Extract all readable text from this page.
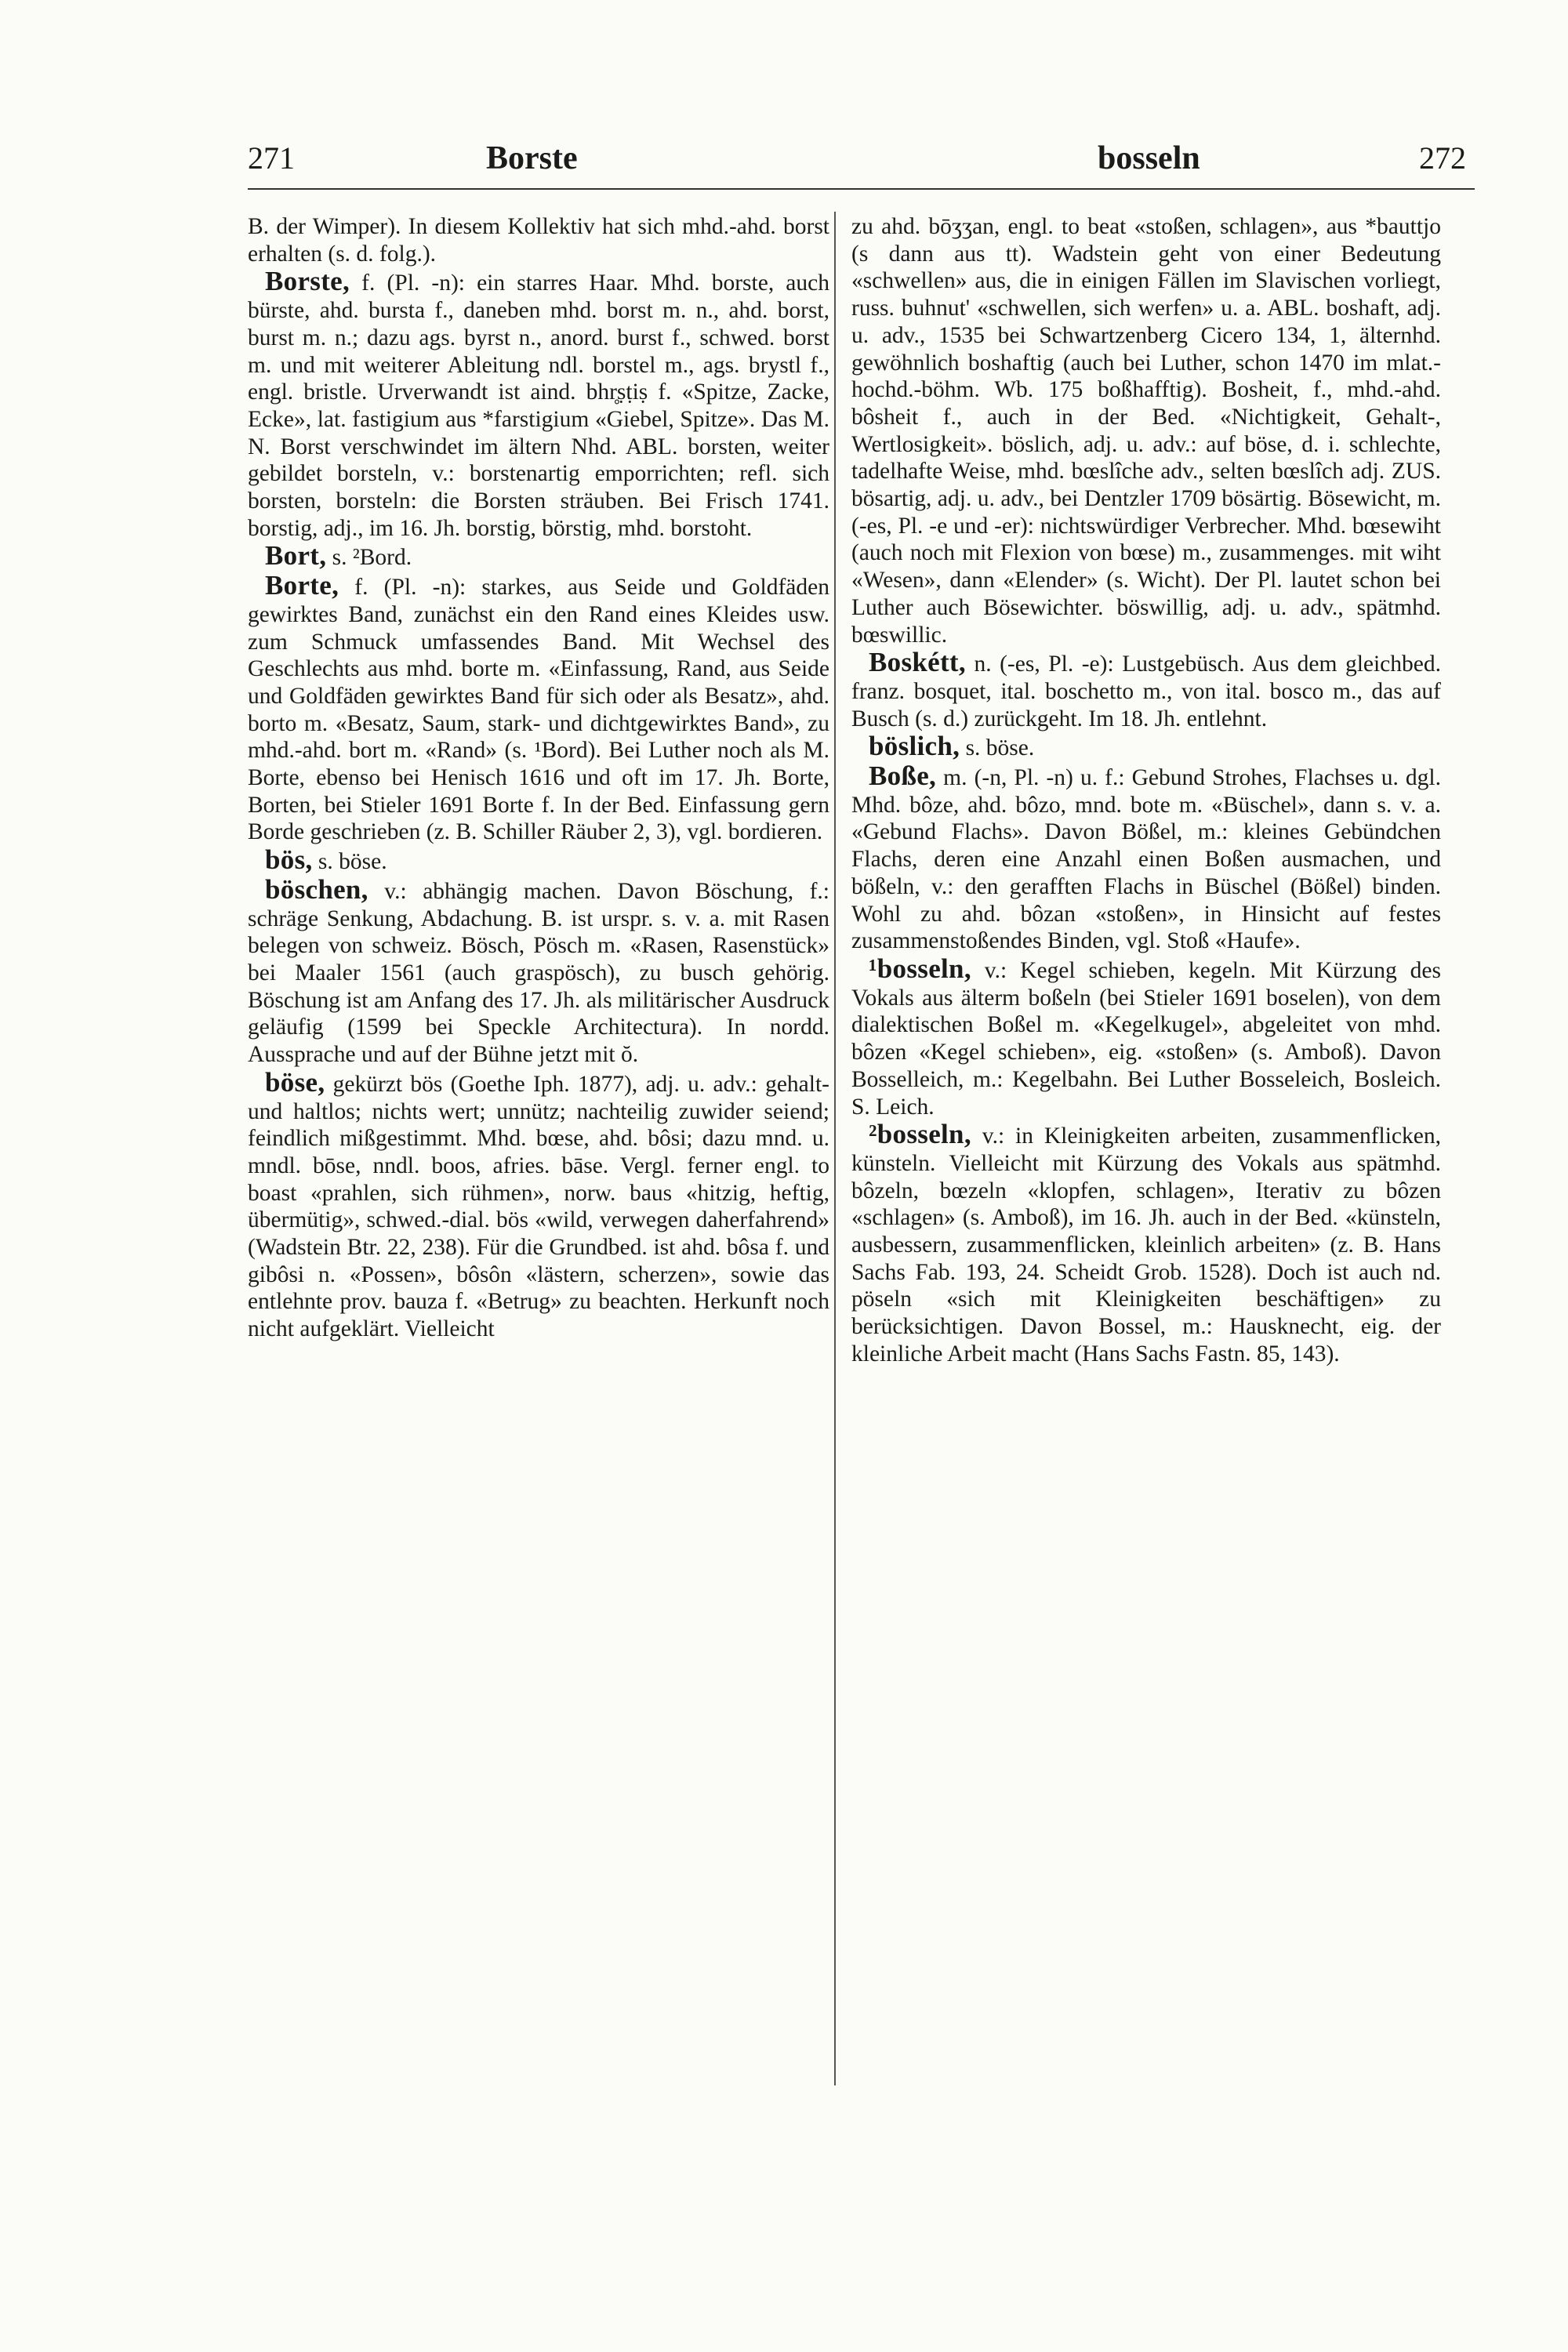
271	Borste	bosseln	272

B. der Wimper). In diesem Kollektiv hat sich mhd.-ahd. borst erhalten (s. d. folg.).

Borste, f. (Pl. -n): ein starres Haar. Mhd. borste, auch bürste, ahd. bursta f., daneben mhd. borst m. n., ahd. borst, burst m. n.; dazu ags. byrst n., anord. burst f., schwed. borst m. und mit weiterer Ableitung ndl. borstel m., ags. brystl f., engl. bristle. Urverwandt ist aind. bhr̥ṣṭiṣ f. «Spitze, Zacke, Ecke», lat. fastigium aus *farstigium «Giebel, Spitze». Das M. N. Borst verschwindet im ältern Nhd. ABL. borsten, weiter gebildet borsteln, v.: borstenartig emporrichten; refl. sich borsten, borsteln: die Borsten sträuben. Bei Frisch 1741. borstig, adj., im 16. Jh. borstig, börstig, mhd. borstoht.

Bort, s. ²Bord.

Borte, f. (Pl. -n): starkes, aus Seide und Goldfäden gewirktes Band, zunächst ein den Rand eines Kleides usw. zum Schmuck umfassendes Band. Mit Wechsel des Geschlechts aus mhd. borte m. «Einfassung, Rand, aus Seide und Goldfäden gewirktes Band für sich oder als Besatz», ahd. borto m. «Besatz, Saum, stark- und dichtgewirktes Band», zu mhd.-ahd. bort m. «Rand» (s. ¹Bord). Bei Luther noch als M. Borte, ebenso bei Henisch 1616 und oft im 17. Jh. Borte, Borten, bei Stieler 1691 Borte f. In der Bed. Einfassung gern Borde geschrieben (z. B. Schiller Räuber 2, 3), vgl. bordieren.

bös, s. böse.

böschen, v.: abhängig machen. Davon Böschung, f.: schräge Senkung, Abdachung. B. ist urspr. s. v. a. mit Rasen belegen von schweiz. Bösch, Pösch m. «Rasen, Rasenstück» bei Maaler 1561 (auch graspösch), zu busch gehörig. Böschung ist am Anfang des 17. Jh. als militärischer Ausdruck geläufig (1599 bei Speckle Architectura). In nordd. Aussprache und auf der Bühne jetzt mit ŏ.

böse, gekürzt bös (Goethe Iph. 1877), adj. u. adv.: gehalt- und haltlos; nichts wert; unnütz; nachteilig zuwider seiend; feindlich mißgestimmt. Mhd. bœse, ahd. bôsi; dazu mnd. u. mndl. bōse, nndl. boos, afries. bāse. Vergl. ferner engl. to boast «prahlen, sich rühmen», norw. baus «hitzig, heftig, übermütig», schwed.-dial. bös «wild, verwegen daherfahrend» (Wadstein Btr. 22, 238). Für die Grundbed. ist ahd. bôsa f. und gibôsi n. «Possen», bôsôn «lästern, scherzen», sowie das entlehnte prov. bauza f. «Betrug» zu beachten. Herkunft noch nicht aufgeklärt. Vielleicht

zu ahd. bōʒʒan, engl. to beat «stoßen, schlagen», aus *bauttjo (s dann aus tt). Wadstein geht von einer Bedeutung «schwellen» aus, die in einigen Fällen im Slavischen vorliegt, russ. buhnut' «schwellen, sich werfen» u. a. ABL. boshaft, adj. u. adv., 1535 bei Schwartzenberg Cicero 134, 1, älternhd. gewöhnlich boshaftig (auch bei Luther, schon 1470 im mlat.-hochd.-böhm. Wb. 175 boßhafftig). Bosheit, f., mhd.-ahd. bôsheit f., auch in der Bed. «Nichtigkeit, Gehalt-, Wertlosigkeit». böslich, adj. u. adv.: auf böse, d. i. schlechte, tadelhafte Weise, mhd. bœslîche adv., selten bœslîch adj. ZUS. bösartig, adj. u. adv., bei Dentzler 1709 bösärtig. Bösewicht, m. (-es, Pl. -e und -er): nichtswürdiger Verbrecher. Mhd. bœsewiht (auch noch mit Flexion von bœse) m., zusammenges. mit wiht «Wesen», dann «Elender» (s. Wicht). Der Pl. lautet schon bei Luther auch Bösewichter. böswillig, adj. u. adv., spätmhd. bœswillic.

Boskétt, n. (-es, Pl. -e): Lustgebüsch. Aus dem gleichbed. franz. bosquet, ital. boschetto m., von ital. bosco m., das auf Busch (s. d.) zurückgeht. Im 18. Jh. entlehnt.

böslich, s. böse.

Boße, m. (-n, Pl. -n) u. f.: Gebund Strohes, Flachses u. dgl. Mhd. bôze, ahd. bôzo, mnd. bote m. «Büschel», dann s. v. a. «Gebund Flachs». Davon Bößel, m.: kleines Gebündchen Flachs, deren eine Anzahl einen Boßen ausmachen, und bößeln, v.: den gerafften Flachs in Büschel (Bößel) binden. Wohl zu ahd. bôzan «stoßen», in Hinsicht auf festes zusammenstoßendes Binden, vgl. Stoß «Haufe».

¹bosseln, v.: Kegel schieben, kegeln. Mit Kürzung des Vokals aus älterm boßeln (bei Stieler 1691 boselen), von dem dialektischen Boßel m. «Kegelkugel», abgeleitet von mhd. bôzen «Kegel schieben», eig. «stoßen» (s. Amboß). Davon Bosselleich, m.: Kegelbahn. Bei Luther Bosseleich, Bosleich. S. Leich.

²bosseln, v.: in Kleinigkeiten arbeiten, zusammenflicken, künsteln. Vielleicht mit Kürzung des Vokals aus spätmhd. bôzeln, bœzeln «klopfen, schlagen», Iterativ zu bôzen «schlagen» (s. Amboß), im 16. Jh. auch in der Bed. «künsteln, ausbessern, zusammenflicken, kleinlich arbeiten» (z. B. Hans Sachs Fab. 193, 24. Scheidt Grob. 1528). Doch ist auch nd. pöseln «sich mit Kleinigkeiten beschäftigen» zu berücksichtigen. Davon Bossel, m.: Hausknecht, eig. der kleinliche Arbeit macht (Hans Sachs Fastn. 85, 143).
